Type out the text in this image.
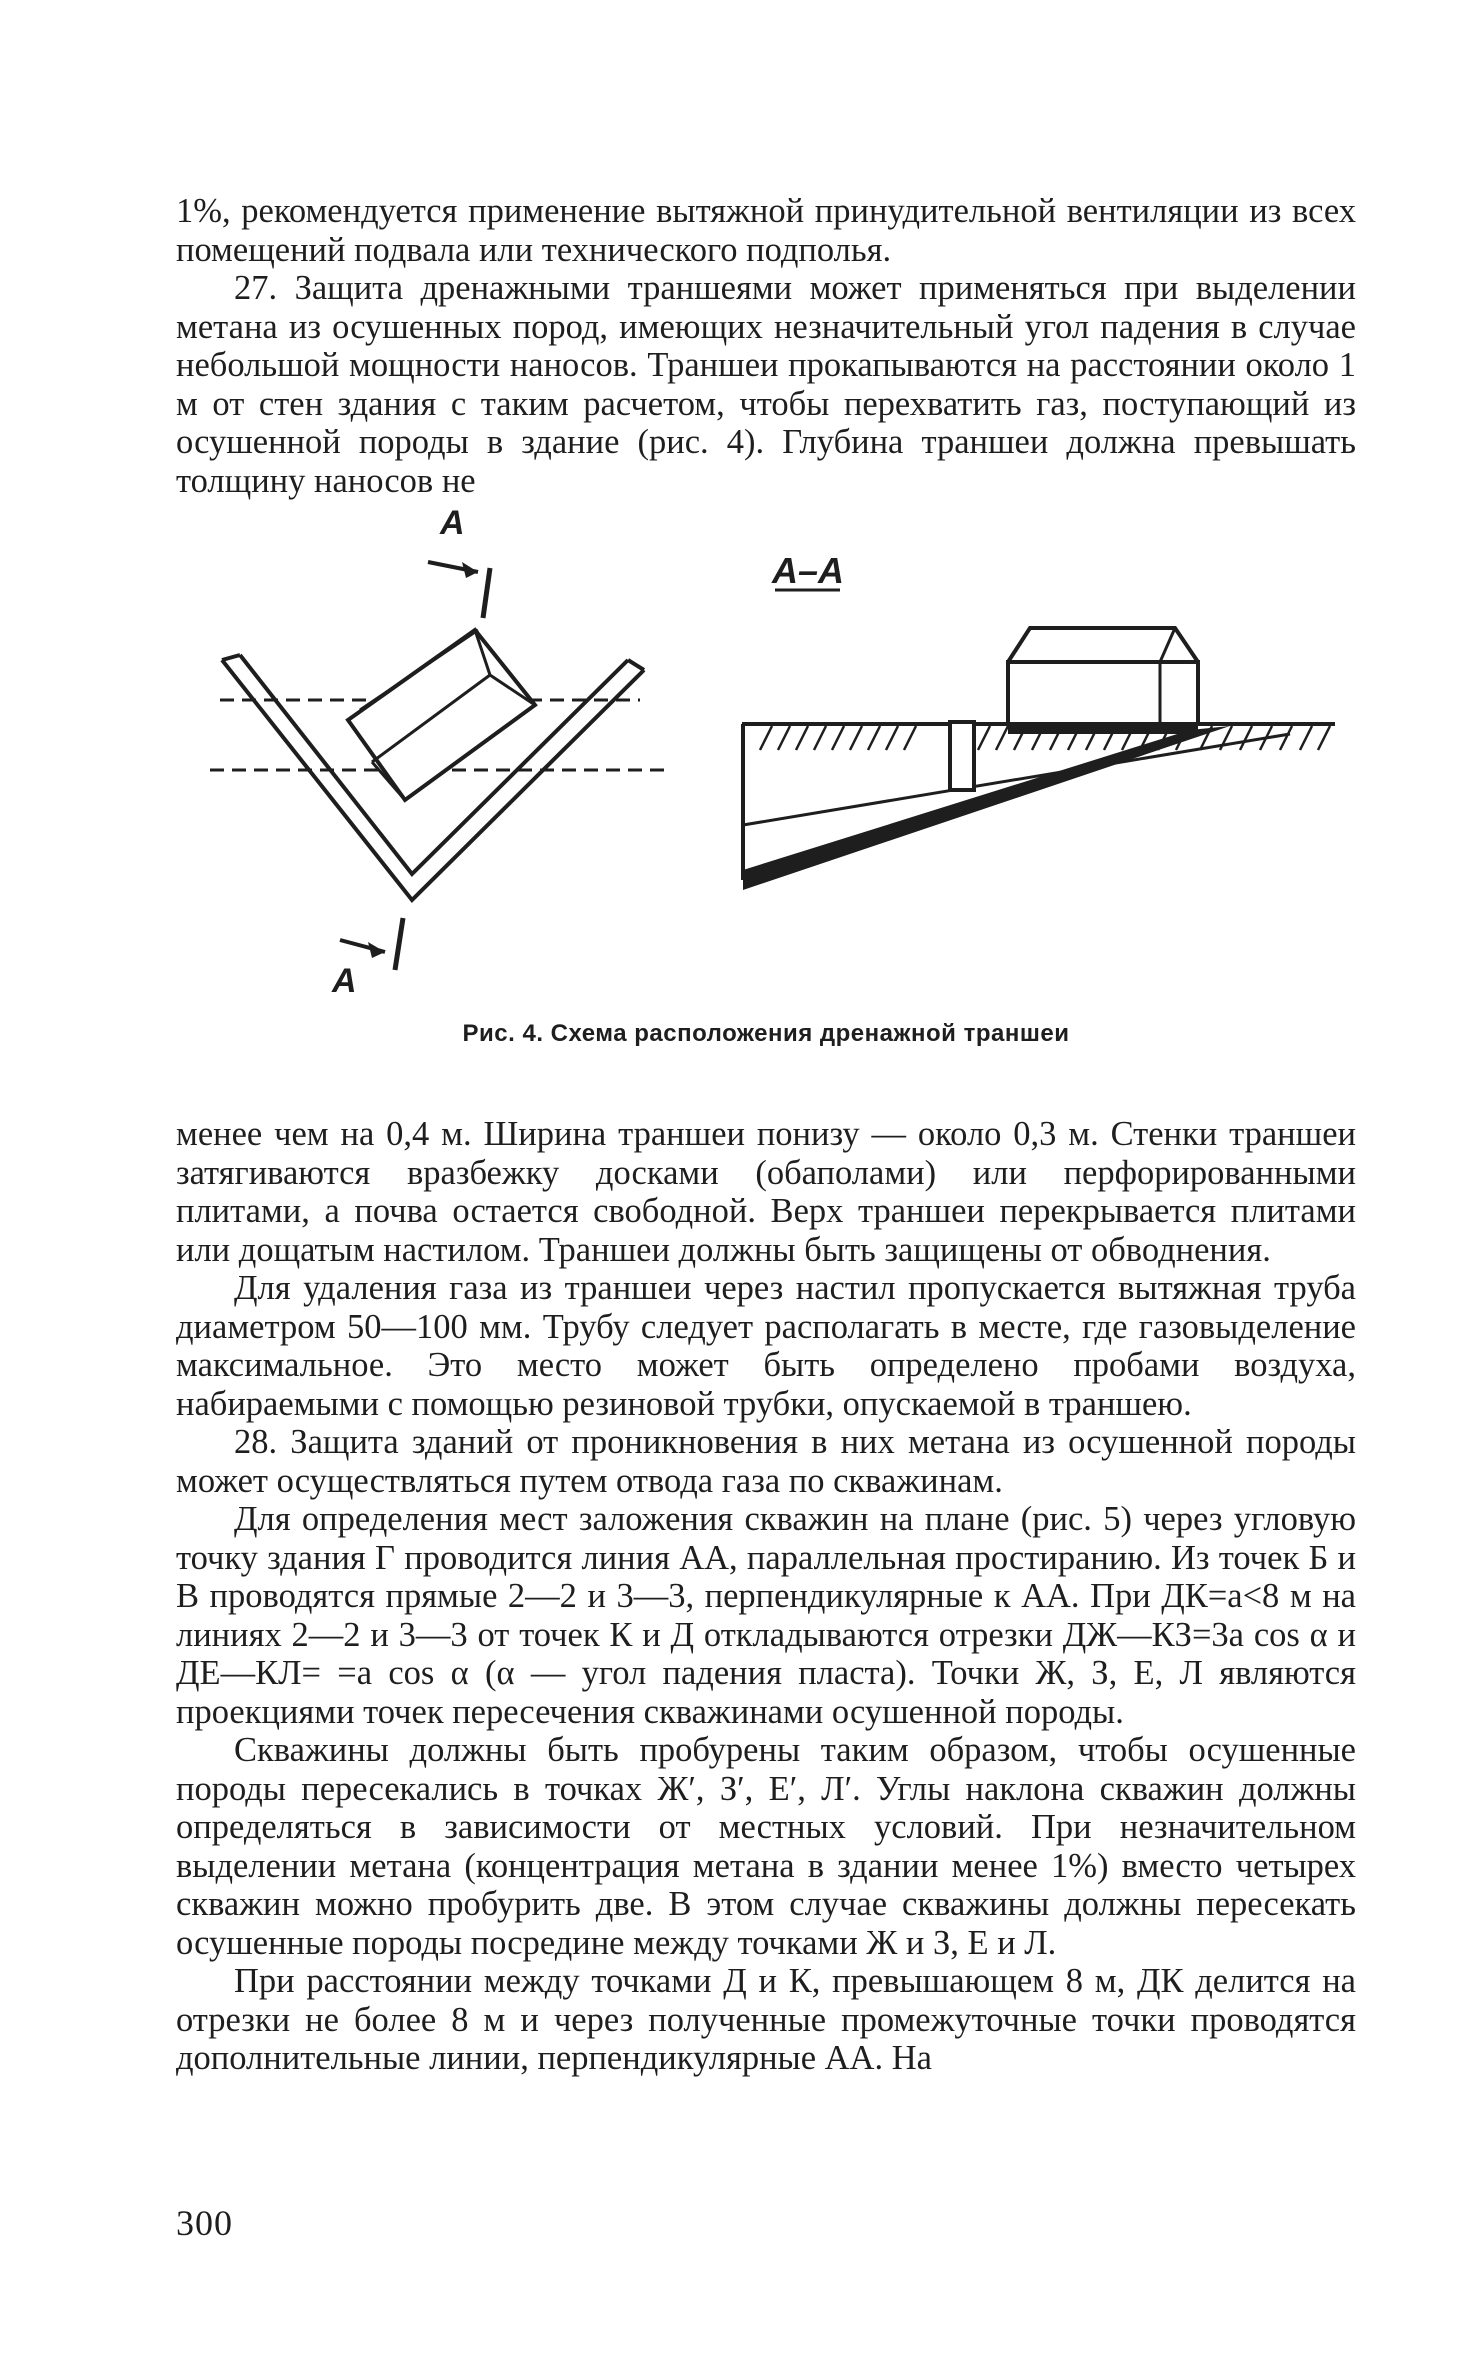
1%, рекомендуется применение вытяжной принудительной вентиляции из всех помещений подвала или технического подполья.

27. Защита дренажными траншеями может применяться при выделении метана из осушенных пород, имеющих незначительный угол падения в случае небольшой мощности наносов. Траншеи прокапываются на расстоянии около 1 м от стен здания с таким расчетом, чтобы перехватить газ, поступающий из осушенной породы в здание (рис. 4). Глубина траншеи должна превышать толщину наносов не

А
А
А–А
Рис. 4. Схема расположения дренажной траншеи

менее чем на 0,4 м. Ширина траншеи понизу — около 0,3 м. Стенки траншеи затягиваются вразбежку досками (обаполами) или перфорированными плитами, а почва остается свободной. Верх траншеи перекрывается плитами или дощатым настилом. Траншеи должны быть защищены от обводнения.

Для удаления газа из траншеи через настил пропускается вытяжная труба диаметром 50—100 мм. Трубу следует располагать в месте, где газовыделение максимальное. Это место может быть определено пробами воздуха, набираемыми с помощью резиновой трубки, опускаемой в траншею.

28. Защита зданий от проникновения в них метана из осушенной породы может осуществляться путем отвода газа по скважинам.

Для определения мест заложения скважин на плане (рис. 5) через угловую точку здания Г проводится линия АА, параллельная простиранию. Из точек Б и В проводятся прямые 2—2 и 3—3, перпендикулярные к АА. При ДК=а<8 м на линиях 2—2 и 3—3 от точек К и Д откладываются отрезки ДЖ—КЗ=3а cos α и ДЕ—КЛ= =а cos α (α — угол падения пласта). Точки Ж, З, Е, Л являются проекциями точек пересечения скважинами осушенной породы.

Скважины должны быть пробурены таким образом, чтобы осушенные породы пересекались в точках Ж′, З′, Е′, Л′. Углы наклона скважин должны определяться в зависимости от местных условий. При незначительном выделении метана (концентрация метана в здании менее 1%) вместо четырех скважин можно пробурить две. В этом случае скважины должны пересекать осушенные породы посредине между точками Ж и З, Е и Л.

При расстоянии между точками Д и К, превышающем 8 м, ДК делится на отрезки не более 8 м и через полученные промежуточные точки проводятся дополнительные линии, перпендикулярные АА. На

300
